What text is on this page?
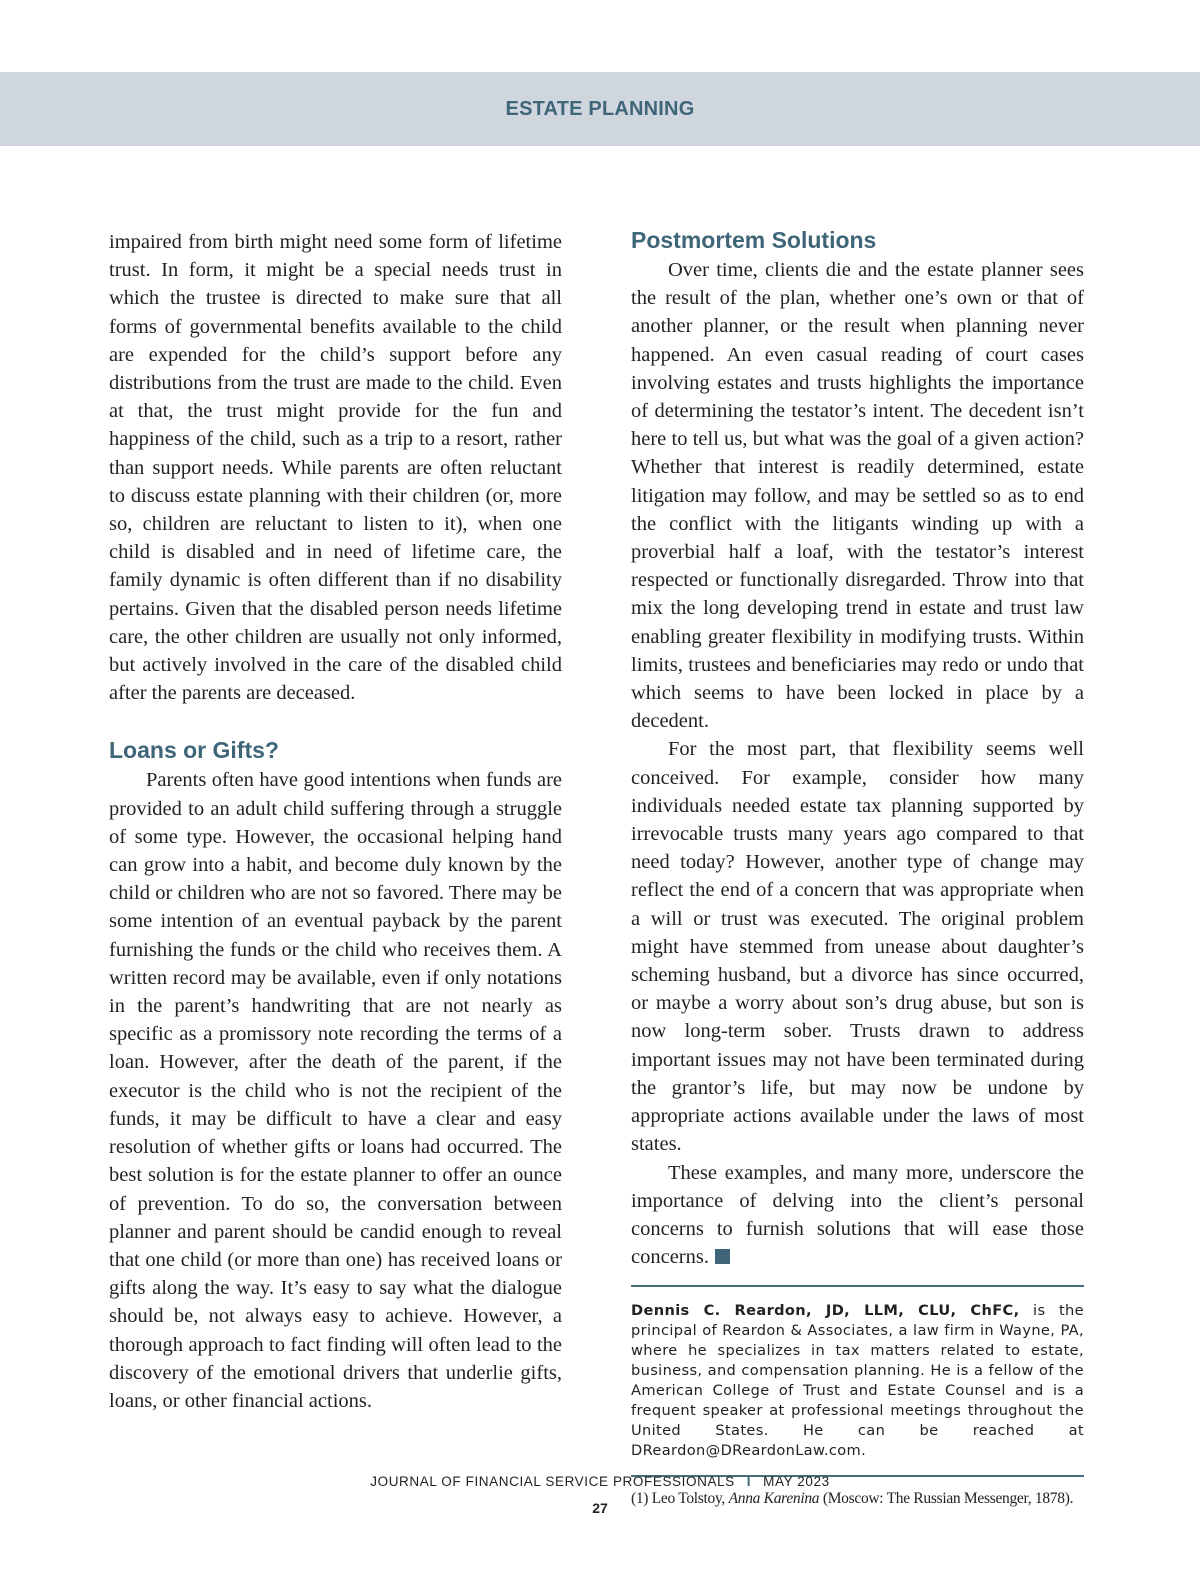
ESTATE PLANNING

impaired from birth might need some form of lifetime trust. In form, it might be a special needs trust in which the trustee is directed to make sure that all forms of governmental benefits available to the child are expended for the child’s support before any distributions from the trust are made to the child. Even at that, the trust might provide for the fun and happiness of the child, such as a trip to a resort, rather than support needs. While parents are often reluctant to discuss estate planning with their children (or, more so, children are reluctant to listen to it), when one child is disabled and in need of lifetime care, the family dynamic is often different than if no disability pertains. Given that the disabled person needs lifetime care, the other children are usually not only informed, but actively involved in the care of the disabled child after the parents are deceased.

Loans or Gifts?

Parents often have good intentions when funds are provided to an adult child suffering through a struggle of some type. However, the occasional helping hand can grow into a habit, and become duly known by the child or children who are not so favored. There may be some intention of an eventual payback by the parent furnishing the funds or the child who receives them. A written record may be available, even if only notations in the parent’s handwriting that are not nearly as specific as a promissory note recording the terms of a loan. However, after the death of the parent, if the executor is the child who is not the recipient of the funds, it may be difficult to have a clear and easy resolution of whether gifts or loans had occurred. The best solution is for the estate planner to offer an ounce of prevention. To do so, the conversation between planner and parent should be candid enough to reveal that one child (or more than one) has received loans or gifts along the way. It’s easy to say what the dialogue should be, not always easy to achieve. However, a thorough approach to fact finding will often lead to the discovery of the emotional drivers that underlie gifts, loans, or other financial actions.

Postmortem Solutions

Over time, clients die and the estate planner sees the result of the plan, whether one’s own or that of another planner, or the result when planning never happened. An even casual reading of court cases involving estates and trusts highlights the importance of determining the testator’s intent. The decedent isn’t here to tell us, but what was the goal of a given action? Whether that interest is readily determined, estate litigation may follow, and may be settled so as to end the conflict with the litigants winding up with a proverbial half a loaf, with the testator’s interest respected or functionally disregarded. Throw into that mix the long developing trend in estate and trust law enabling greater flexibility in modifying trusts. Within limits, trustees and beneficiaries may redo or undo that which seems to have been locked in place by a decedent.

For the most part, that flexibility seems well conceived. For example, consider how many individuals needed estate tax planning supported by irrevocable trusts many years ago compared to that need today? However, another type of change may reflect the end of a concern that was appropriate when a will or trust was executed. The original problem might have stemmed from unease about daughter’s scheming husband, but a divorce has since occurred, or maybe a worry about son’s drug abuse, but son is now long-term sober. Trusts drawn to address important issues may not have been terminated during the grantor’s life, but may now be undone by appropriate actions available under the laws of most states.

These examples, and many more, underscore the importance of delving into the client’s personal concerns to furnish solutions that will ease those concerns.

Dennis C. Reardon, JD, LLM, CLU, ChFC, is the principal of Reardon & Associates, a law firm in Wayne, PA, where he specializes in tax matters related to estate, business, and compensation planning. He is a fellow of the American College of Trust and Estate Counsel and is a frequent speaker at professional meetings throughout the United States. He can be reached at DReardon@DReardonLaw.com.
(1) Leo Tolstoy, Anna Karenina (Moscow: The Russian Messenger, 1878).
JOURNAL OF FINANCIAL SERVICE PROFESSIONALS I MAY 2023
27
